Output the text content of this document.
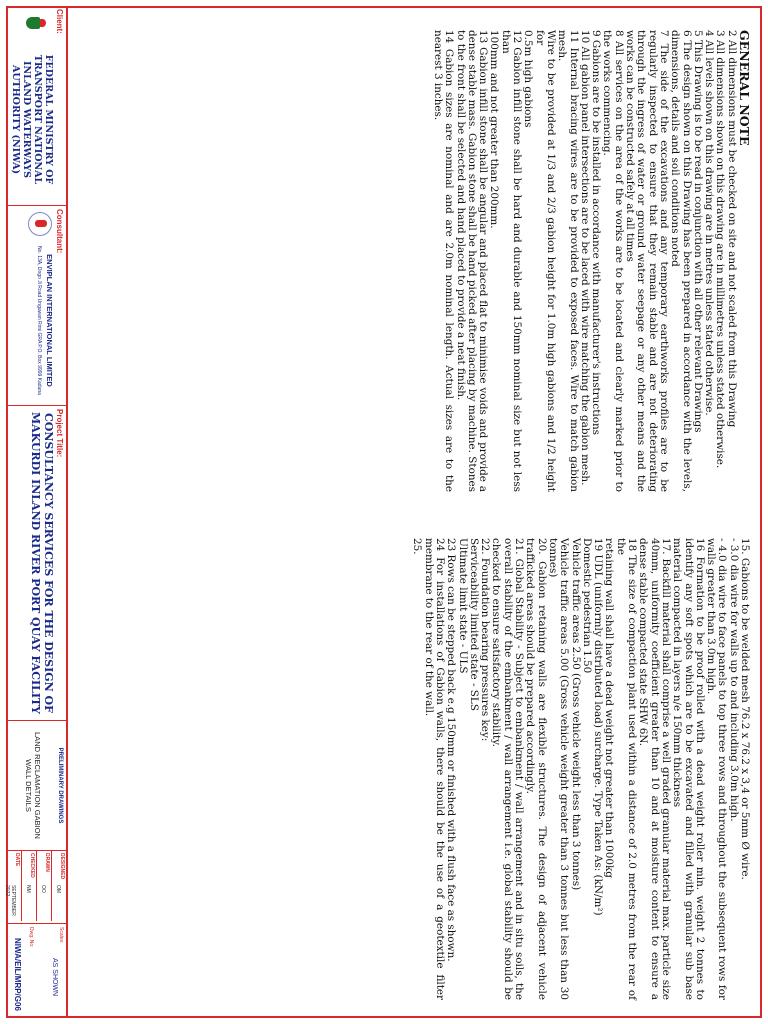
GENERAL NOTE

2 All dimensions must be checked on site and not scaled from this Drawing

3 All dimensions shown on this drawing are in millimetres unless stated otherwise.

4 All levels shown on this drawing are in metres unless stated otherwise.

5 This Drawing is to be read in conjunction with all other relevant Drawings

6 The design shown on this Drawing has been prepared in accordance with the levels, dimensions, details and soil conditions noted

7 The side of the excavations and any temporary earthworks profiles are to be regularly inspected to ensure that they remain stable and are not deteriorating through the ingress of water or ground water seepage or any other means and the works can be constructed safely at all times

8 All services on the area of the works are to be located and clearly marked prior to the works commencing.

9 Gabions are to be installed in accordance with manufacturer's instructions

10 All gabion panel intersections are to be laced with wire matching the gabion mesh.

11 Internal bracing wires are to be provided to exposed faces. Wire to match gabion mesh.

Wire to be provided at 1/3 and 2/3 gabion height for 1.0m high gabions and 1/2 height for

0.5m high gabions

12 Gabion infill stone shall be hard and durable and 150mm nominal size but not less than

100mm and not greater than 200mm.

13 Gabion infill stone shall be angular and placed flat to minimise voids and provide a dense stable mass. Gabion stone shall be hand picked after placing by machine. Stones to the front shall be selected and hand placed to provide a neat finish.

14 Gabion sizes are nominal and are 2.0m nominal length. Actual sizes are to the nearest 3 inches.

15. Gabions to be welded mesh 76.2 x 76.2 x 3,4 or 5mm Ø wire.

- 3.0 dia wire for walls up to and including 3.0m high.

- 4.0 dia wire to face panels to top three rows and throughout the subsequent rows for walls greater than 3.0m high.

16 Formation to be proof rolled with a dead weight roller min. weight 2 tonnes to identify any soft spots which are to be excavated and filled with granular sub base material compacted in layers n/e 150mm thickness

17. Backfill material shall comprise a well graded granular material max. particle size 40mm, uniformity coefficient greater than 10 and at moisture content to ensure a dense stable compacted state SHW 6N.

18 The size of compaction plant used within a distance of 2.0 metres from the rear of the

retaining wall shall have a dead weight not greater than 1000kg

19 UDL (uniformly distributed load) surcharge. Type Taken As: (kN/m²)

Domestic pedestrian 1.50

Vehicle traffic areas 2.50 (Gross vehicle weight less than 3 tonnes)

Vehicle traffic areas 5.00 (Gross vehicle weight greater than 3 tonnes but less than 30 tonnes)

20. Gabion retaining walls are flexible structures. The design of adjacent vehicle trafficked areas should be prepared accordingly.

21. Global Stability - Subject to embankment / wall arrangement and in situ soils, the overall stability of the embankment / wall arrangement i.e. global stability should be checked to ensure satisfactory stability.

22. Foundation bearing pressures key:

Serviceability limited state - SLS

Ultimate limit state - ULS

23 Rows can be stepped back e.g 150mm or finished with a flush face as shown.

24 For installations of Gabion walls, there should be the use of a geotextile filter membrane to the rear of the wall.

25.

Client:
FEDERAL MINISTRY OF TRANSPORT NATIONAL INLAND WATERWAYS AUTHORITY (NIWA)
Consultant:
ENVIPLAN INTERNATIONAL LIMITED
No. 13A, Dogo Ji Road Unguwan Rimi GRA P.O. Box 9999 Kaduna
Project Title:
CONSULTANCY SERVICES FOR THE DESIGN OF MAKURDI INLAND RIVER PORT QUAY FACILITY
PRELIMINARY DRAWINGS
LAND RECLAMATION GABION WALL DETAILS
DESIGNED
OM
DRAWN
OO
CHECKED
NM
DATE
SEPTEMBER 2022
Scales:
AS SHOWN
Dwg. No:
NIWA/EIL/MRP/G06
